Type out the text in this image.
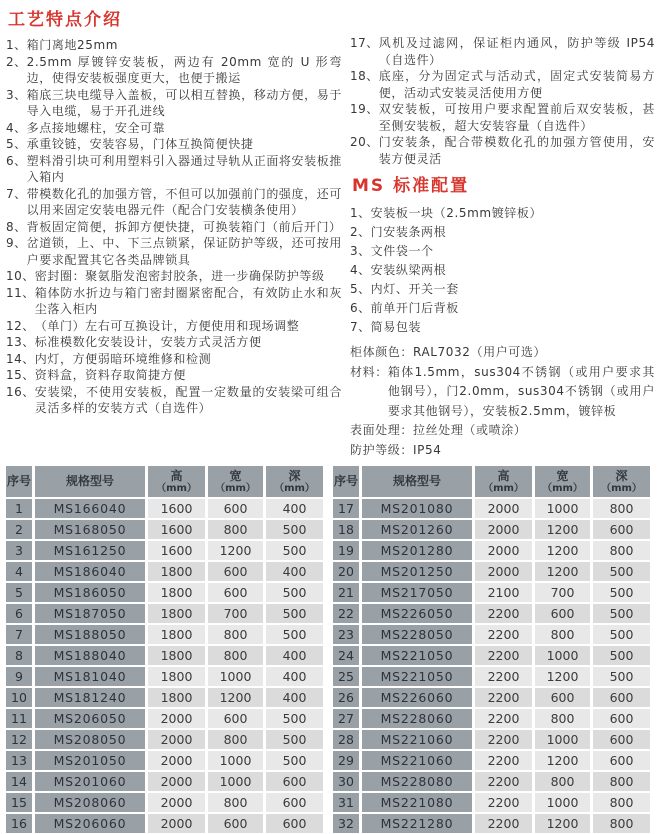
工艺特点介绍
1、 箱门离地25mm
2、 2.5mm 厚镀锌安装板，两边有 20mm 宽的 U 形弯边，使得安装板强度更大，也便于搬运
3、 箱底三块电缆导入盖板，可以相互替换，移动方便，易于导入电缆，易于开孔进线
4、 多点接地螺柱，安全可靠
5、 承重铰链，安装容易，门体互换简便快捷
6、 塑料滑引块可利用塑料引入器通过导轨从正面将安装板推入箱内
7、 带模数化孔的加强方管，不但可以加强前门的强度，还可以用来固定安装电器元件（配合门安装横条使用）
8、 背板固定简便，拆卸方便快捷，可换装箱门（前后开门）
9、 岔道锁，上、中、下三点锁紧，保证防护等级，还可按用户要求配置其它各类品牌锁具
10、 密封圈：聚氨脂发泡密封胶条，进一步确保防护等级
11、 箱体防水折边与箱门密封圈紧密配合，有效防止水和灰尘落入柜内
12、 （单门）左右可互换设计，方便使用和现场调整
13、 标准模数化安装设计，安装方式灵活方便
14、 内灯，方便弱暗环境维修和检测
15、 资料盒，资料存取简捷方便
16、 安装梁，不使用安装板，配置一定数量的安装梁可组合灵活多样的安装方式（自选件）
17、 风机及过滤网，保证柜内通风，防护等级 IP54（自选件）
18、 底座，分为固定式与活动式，固定式安装简易方便，活动式安装灵活使用方便
19、 双安装板，可按用户要求配置前后双安装板，甚至侧安装板，超大安装容量（自选件）
20、 门安装条，配合带模数化孔的加强方管使用，安装方便灵活
MS 标准配置
1、 安装板一块（2.5mm镀锌板）
2、 门安装条两根
3、 文件袋一个
4、 安装纵梁两根
5、 内灯、开关一套
6、 前单开门后背板
7、 简易包装
柜体颜色： RAL7032（用户可选）
材料： 箱体1.5mm，sus304不锈钢（或用户要求其他钢号），门2.0mm，sus304不锈钢（或用户要求其他钢号），安装板2.5mm，镀锌板
表面处理： 拉丝处理（或喷涂）
防护等级： IP54
序号	规格型号	高
（mm）	宽
（mm）	深
（mm）

1	MS166040	1600	600	400
2	MS168050	1600	800	500
3	MS161250	1600	1200	500
4	MS186040	1800	600	400
5	MS186050	1800	600	500
6	MS187050	1800	700	500
7	MS188050	1800	800	500
8	MS188040	1800	800	400
9	MS181040	1800	1000	400
10	MS181240	1800	1200	400
11	MS206050	2000	600	500
12	MS208050	2000	800	500
13	MS201050	2000	1000	500
14	MS201060	2000	1000	600
15	MS208060	2000	800	600
16	MS206060	2000	600	600
序号	规格型号	高
（mm）	宽
（mm）	深
（mm）

17	MS201080	2000	1000	800
18	MS201260	2000	1200	600
19	MS201280	2000	1200	800
20	MS201250	2000	1200	500
21	MS217050	2100	700	500
22	MS226050	2200	600	500
23	MS228050	2200	800	500
24	MS221050	2200	1000	500
25	MS221050	2200	1200	500
26	MS226060	2200	600	600
27	MS228060	2200	800	600
28	MS221060	2200	1000	600
29	MS221060	2200	1200	600
30	MS228080	2200	800	800
31	MS221080	2200	1000	800
32	MS221280	2200	1200	800
